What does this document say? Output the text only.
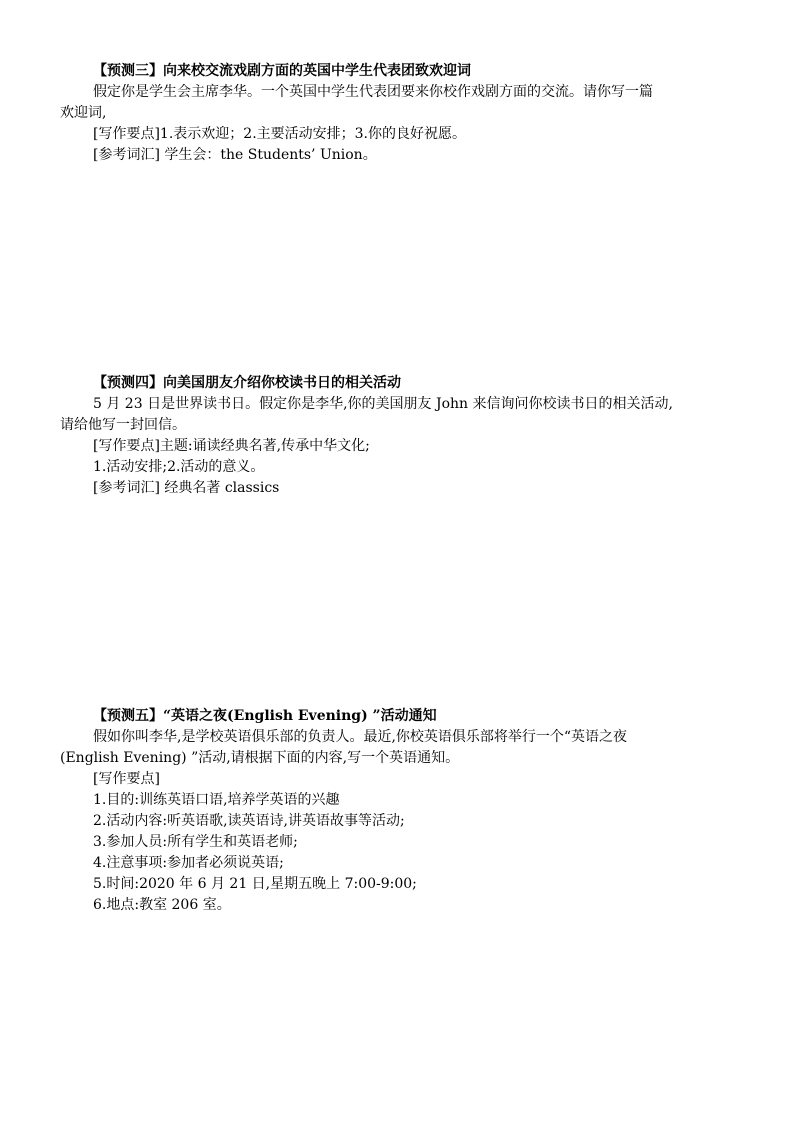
【预测三】向来校交流戏剧方面的英国中学生代表团致欢迎词
假定你是学生会主席李华。一个英国中学生代表团要来你校作戏剧方面的交流。请你写一篇
欢迎词,
[写作要点]1.表示欢迎；2.主要活动安排；3.你的良好祝愿。
[参考词汇] 学生会：the Students’ Union。
【预测四】向美国朋友介绍你校读书日的相关活动
5 月 23 日是世界读书日。假定你是李华,你的美国朋友 John 来信询问你校读书日的相关活动,
请给他写一封回信。
[写作要点]主题:诵读经典名著,传承中华文化;
1.活动安排;2.活动的意义。
[参考词汇] 经典名著 classics
【预测五】“英语之夜(English Evening) ”活动通知
假如你叫李华,是学校英语俱乐部的负责人。最近,你校英语俱乐部将举行一个“英语之夜
(English Evening) ”活动,请根据下面的内容,写一个英语通知。
[写作要点]
1.目的:训练英语口语,培养学英语的兴趣
2.活动内容:听英语歌,读英语诗,讲英语故事等活动;
3.参加人员:所有学生和英语老师;
4.注意事项:参加者必须说英语;
5.时间:2020 年 6 月 21 日,星期五晚上 7:00-9:00;
6.地点:教室 206 室。
